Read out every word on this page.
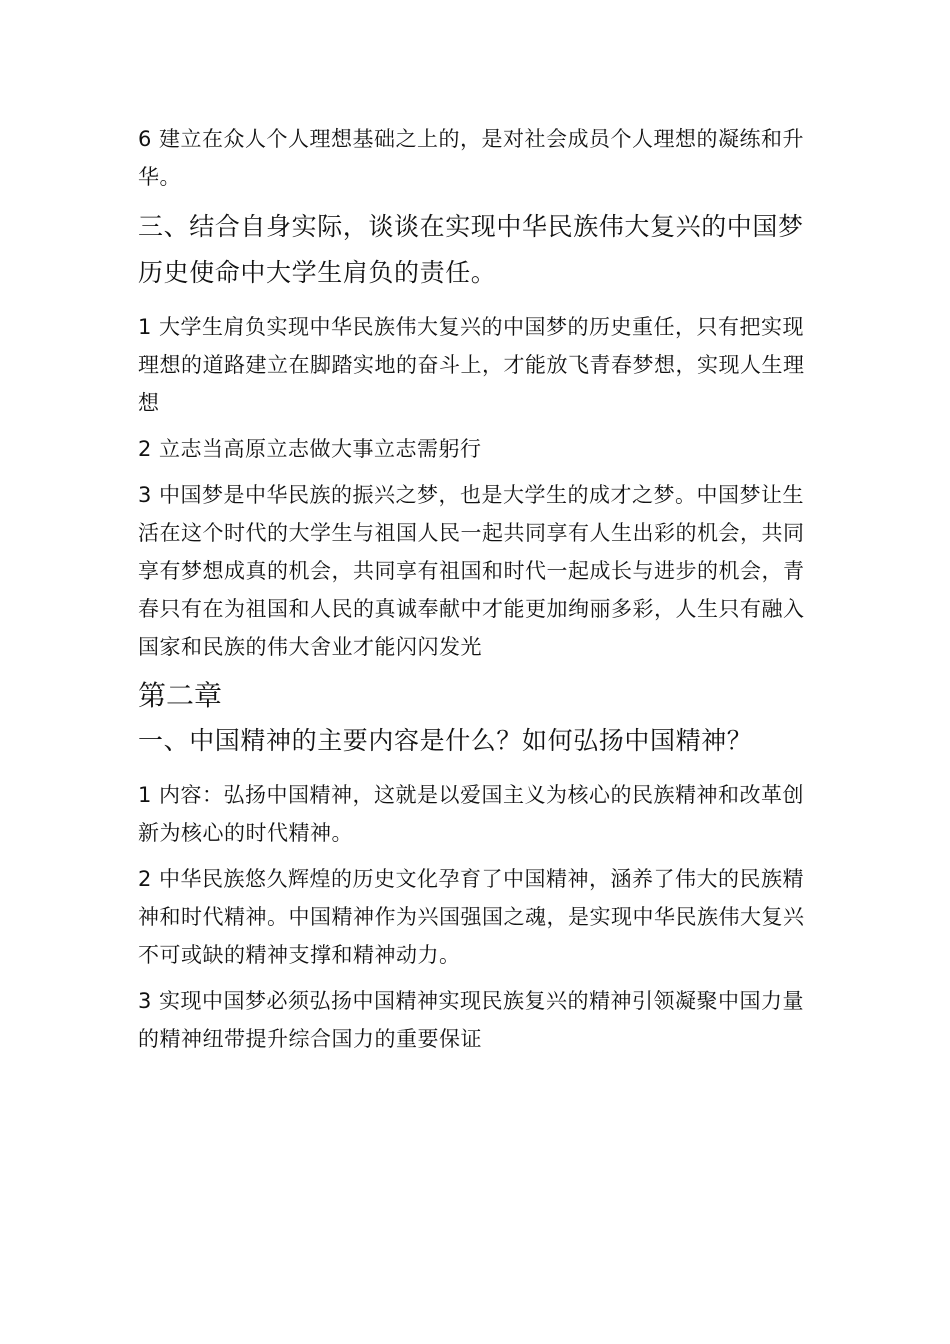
6 建立在众人个人理想基础之上的，是对社会成员个人理想的凝练和升华。

三、结合自身实际，谈谈在实现中华民族伟大复兴的中国梦历史使命中大学生肩负的责任。

1 大学生肩负实现中华民族伟大复兴的中国梦的历史重任，只有把实现理想的道路建立在脚踏实地的奋斗上，才能放飞青春梦想，实现人生理想

2 立志当高原立志做大事立志需躬行

3 中国梦是中华民族的振兴之梦，也是大学生的成才之梦。中国梦让生活在这个时代的大学生与祖国人民一起共同享有人生出彩的机会，共同享有梦想成真的机会，共同享有祖国和时代一起成长与进步的机会，青春只有在为祖国和人民的真诚奉献中才能更加绚丽多彩，人生只有融入国家和民族的伟大舍业才能闪闪发光

第二章

一、中国精神的主要内容是什么？如何弘扬中国精神？

1 内容：弘扬中国精神，这就是以爱国主义为核心的民族精神和改革创新为核心的时代精神。

2 中华民族悠久辉煌的历史文化孕育了中国精神，涵养了伟大的民族精神和时代精神。中国精神作为兴国强国之魂，是实现中华民族伟大复兴不可或缺的精神支撑和精神动力。

3 实现中国梦必须弘扬中国精神实现民族复兴的精神引领凝聚中国力量的精神纽带提升综合国力的重要保证
